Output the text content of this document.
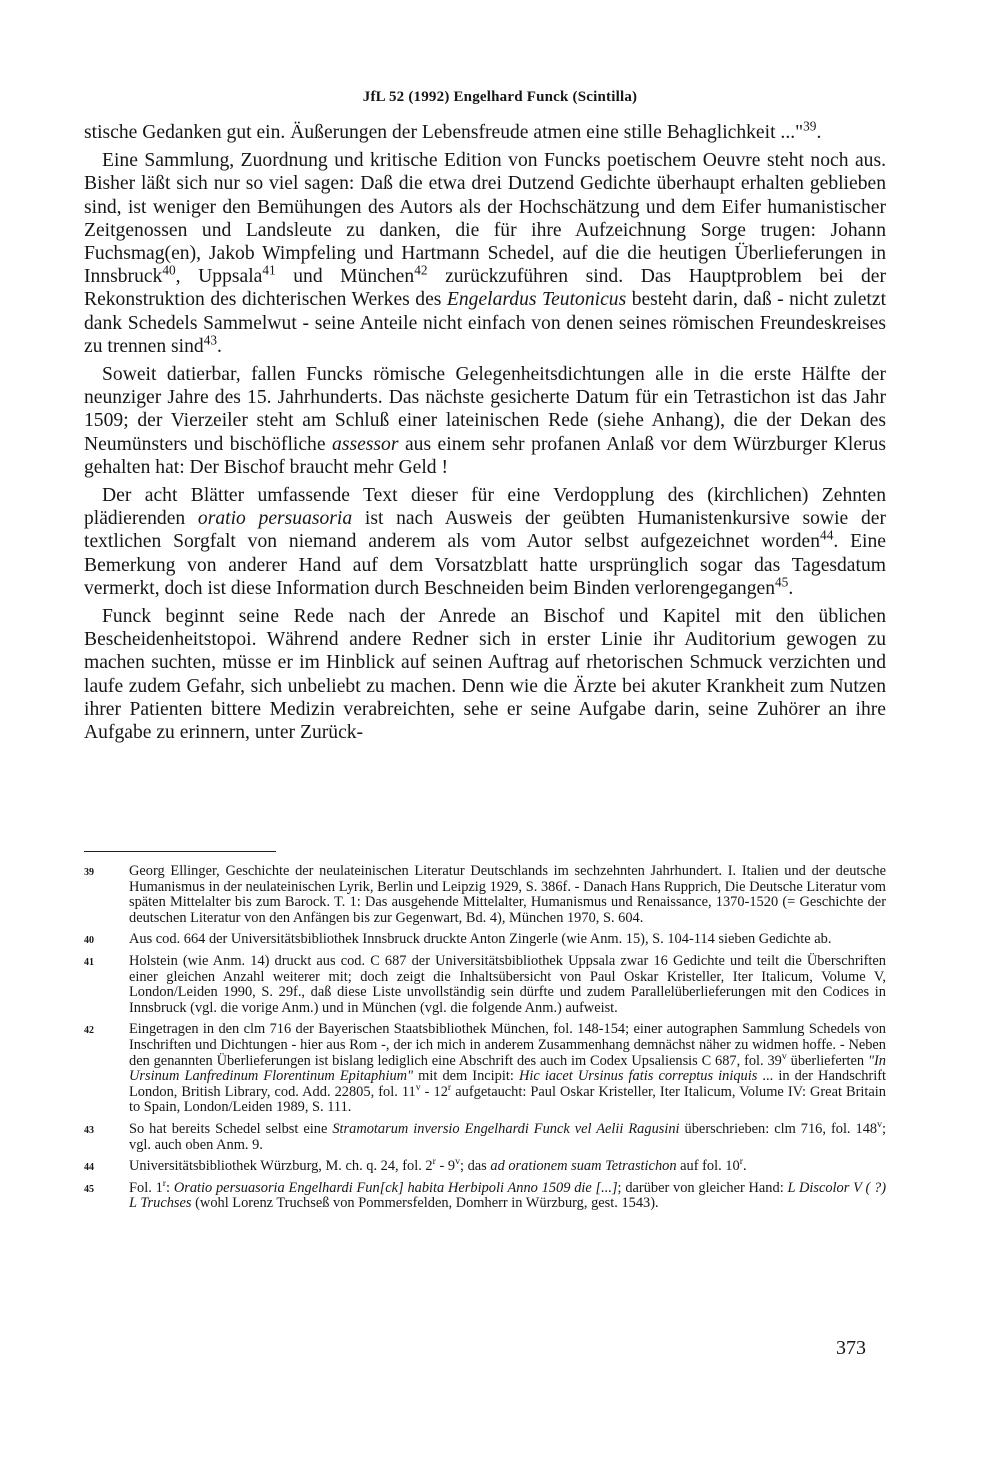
JfL 52 (1992) Engelhard Funck (Scintilla)

stische Gedanken gut ein. Äußerungen der Lebensfreude atmen eine stille Behaglichkeit ..."$^{39}$.

Eine Sammlung, Zuordnung und kritische Edition von Funcks poetischem Oeuvre steht noch aus. Bisher läßt sich nur so viel sagen: Daß die etwa drei Dutzend Gedichte überhaupt erhalten geblieben sind, ist weniger den Bemühungen des Autors als der Hochschätzung und dem Eifer humanistischer Zeitgenossen und Landsleute zu danken, die für ihre Aufzeichnung Sorge trugen: Johann Fuchsmag(en), Jakob Wimpfeling und Hartmann Schedel, auf die die heutigen Überlieferungen in Innsbruck$^{40}$, Uppsala$^{41}$ und München$^{42}$ zurückzuführen sind. Das Hauptproblem bei der Rekonstruktion des dichterischen Werkes des Engelardus Teutonicus besteht darin, daß - nicht zuletzt dank Schedels Sammelwut - seine Anteile nicht einfach von denen seines römischen Freundeskreises zu trennen sind$^{43}$.

Soweit datierbar, fallen Funcks römische Gelegenheitsdichtungen alle in die erste Hälfte der neunziger Jahre des 15. Jahrhunderts. Das nächste gesicherte Datum für ein Tetrastichon ist das Jahr 1509; der Vierzeiler steht am Schluß einer lateinischen Rede (siehe Anhang), die der Dekan des Neumünsters und bischöfliche assessor aus einem sehr profanen Anlaß vor dem Würzburger Klerus gehalten hat: Der Bischof braucht mehr Geld !

Der acht Blätter umfassende Text dieser für eine Verdopplung des (kirchlichen) Zehnten plädierenden oratio persuasoria ist nach Ausweis der geübten Humanistenkursive sowie der textlichen Sorgfalt von niemand anderem als vom Autor selbst aufgezeichnet worden$^{44}$. Eine Bemerkung von anderer Hand auf dem Vorsatzblatt hatte ursprünglich sogar das Tagesdatum vermerkt, doch ist diese Information durch Beschneiden beim Binden verlorengegangen$^{45}$.

Funck beginnt seine Rede nach der Anrede an Bischof und Kapitel mit den üblichen Bescheidenheitstopoi. Während andere Redner sich in erster Linie ihr Auditorium gewogen zu machen suchten, müsse er im Hinblick auf seinen Auftrag auf rhetorischen Schmuck verzichten und laufe zudem Gefahr, sich unbeliebt zu machen. Denn wie die Ärzte bei akuter Krankheit zum Nutzen ihrer Patienten bittere Medizin verabreichten, sehe er seine Aufgabe darin, seine Zuhörer an ihre Aufgabe zu erinnern, unter Zurück-

39 Georg Ellinger, Geschichte der neulateinischen Literatur Deutschlands im sechzehnten Jahrhundert. I. Italien und der deutsche Humanismus in der neulateinischen Lyrik, Berlin und Leipzig 1929, S. 386f. - Danach Hans Rupprich, Die Deutsche Literatur vom späten Mittelalter bis zum Barock. T. 1: Das ausgehende Mittelalter, Humanismus und Renaissance, 1370-1520 (= Geschichte der deutschen Literatur von den Anfängen bis zur Gegenwart, Bd. 4), München 1970, S. 604.
40 Aus cod. 664 der Universitätsbibliothek Innsbruck druckte Anton Zingerle (wie Anm. 15), S. 104-114 sieben Gedichte ab.
41 Holstein (wie Anm. 14) druckt aus cod. C 687 der Universitätsbibliothek Uppsala zwar 16 Gedichte und teilt die Überschriften einer gleichen Anzahl weiterer mit; doch zeigt die Inhaltsübersicht von Paul Oskar Kristeller, Iter Italicum, Volume V, London/Leiden 1990, S. 29f., daß diese Liste unvollständig sein dürfte und zudem Parallelüberlieferungen mit den Codices in Innsbruck (vgl. die vorige Anm.) und in München (vgl. die folgende Anm.) aufweist.
42 Eingetragen in den clm 716 der Bayerischen Staatsbibliothek München, fol. 148-154; einer autographen Sammlung Schedels von Inschriften und Dichtungen - hier aus Rom -, der ich mich in anderem Zusammenhang demnächst näher zu widmen hoffe. - Neben den genannten Überlieferungen ist bislang lediglich eine Abschrift des auch im Codex Upsaliensis C 687, fol. 39$^v$ überlieferten "In Ursinum Lanfredinum Florentinum Epitaphium" mit dem Incipit: Hic iacet Ursinus fatis correptus iniquis ... in der Handschrift London, British Library, cod. Add. 22805, fol. 11$^v$ - 12$^r$ aufgetaucht: Paul Oskar Kristeller, Iter Italicum, Volume IV: Great Britain to Spain, London/Leiden 1989, S. 111.
43 So hat bereits Schedel selbst eine Stramotarum inversio Engelhardi Funck vel Aelii Ragusini überschrieben: clm 716, fol. 148$^v$; vgl. auch oben Anm. 9.
44 Universitätsbibliothek Würzburg, M. ch. q. 24, fol. 2$^r$ - 9$^v$; das ad orationem suam Tetrastichon auf fol. 10$^r$.
45 Fol. 1$^r$: Oratio persuasoria Engelhardi Fun[ck] habita Herbipoli Anno 1509 die [...]; darüber von gleicher Hand: L Discolor V ( ?) L Truchses (wohl Lorenz Truchseß von Pommersfelden, Domherr in Würzburg, gest. 1543).
373
